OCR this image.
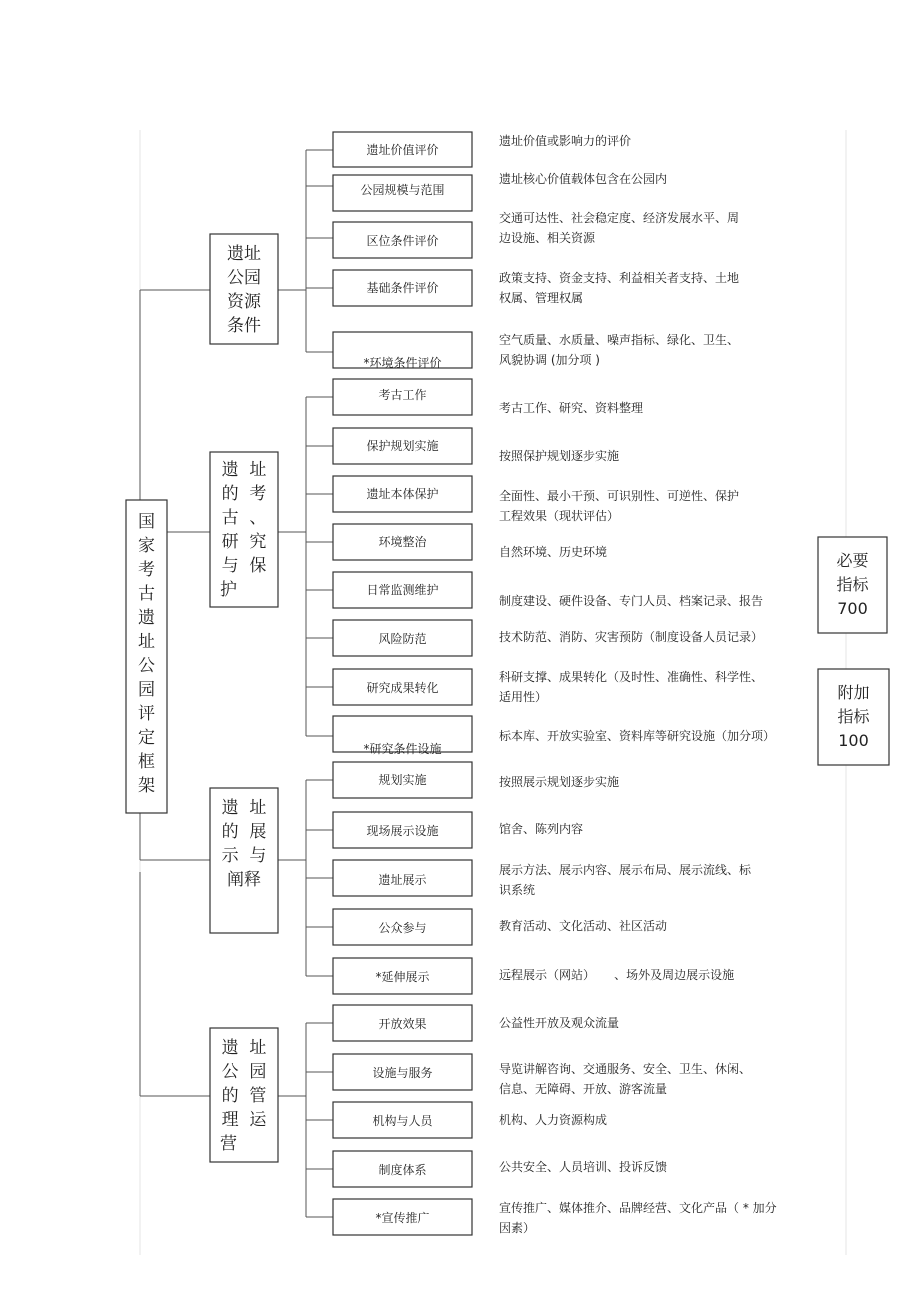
国
家
考
古
遗
址
公
园
评
定
框
架
遗址
公园
资源
条件
遗  址
的  考
古  、
研  究
与  保
护
遗  址
的  展
示  与
阐释
遗  址
公  园
的  管
理  运
营
遗址价值评价
公园规模与范围
区位条件评价
基础条件评价
*环境条件评价
考古工作
保护规划实施
遗址本体保护
环境整治
日常监测维护
风险防范
研究成果转化
*研究条件设施
规划实施
现场展示设施
遗址展示
公众参与
*延伸展示
开放效果
设施与服务
机构与人员
制度体系
*宣传推广
遗址价值或影响力的评价
遗址核心价值载体包含在公园内
交通可达性、社会稳定度、经济发展水平、周
边设施、相关资源
政策支持、资金支持、利益相关者支持、土地
权属、管理权属
空气质量、水质量、噪声指标、绿化、卫生、
风貌协调 (加分项 )
考古工作、研究、资料整理
按照保护规划逐步实施
全面性、最小干预、可识别性、可逆性、保护
工程效果（现状评估）
自然环境、历史环境
制度建设、硬件设备、专门人员、档案记录、报告
技术防范、消防、灾害预防（制度设备人员记录）
科研支撑、成果转化（及时性、准确性、科学性、
适用性）
标本库、开放实验室、资料库等研究设施（加分项）
按照展示规划逐步实施
馆舍、陈列内容
展示方法、展示内容、展示布局、展示流线、标
识系统
教育活动、文化活动、社区活动
远程展示（网站）     、场外及周边展示设施
公益性开放及观众流量
导览讲解咨询、交通服务、安全、卫生、休闲、
信息、无障碍、开放、游客流量
机构、人力资源构成
公共安全、人员培训、投诉反馈
宣传推广、媒体推介、品牌经营、文化产品（ * 加分
因素）
必要
指标
700
附加
指标
100
